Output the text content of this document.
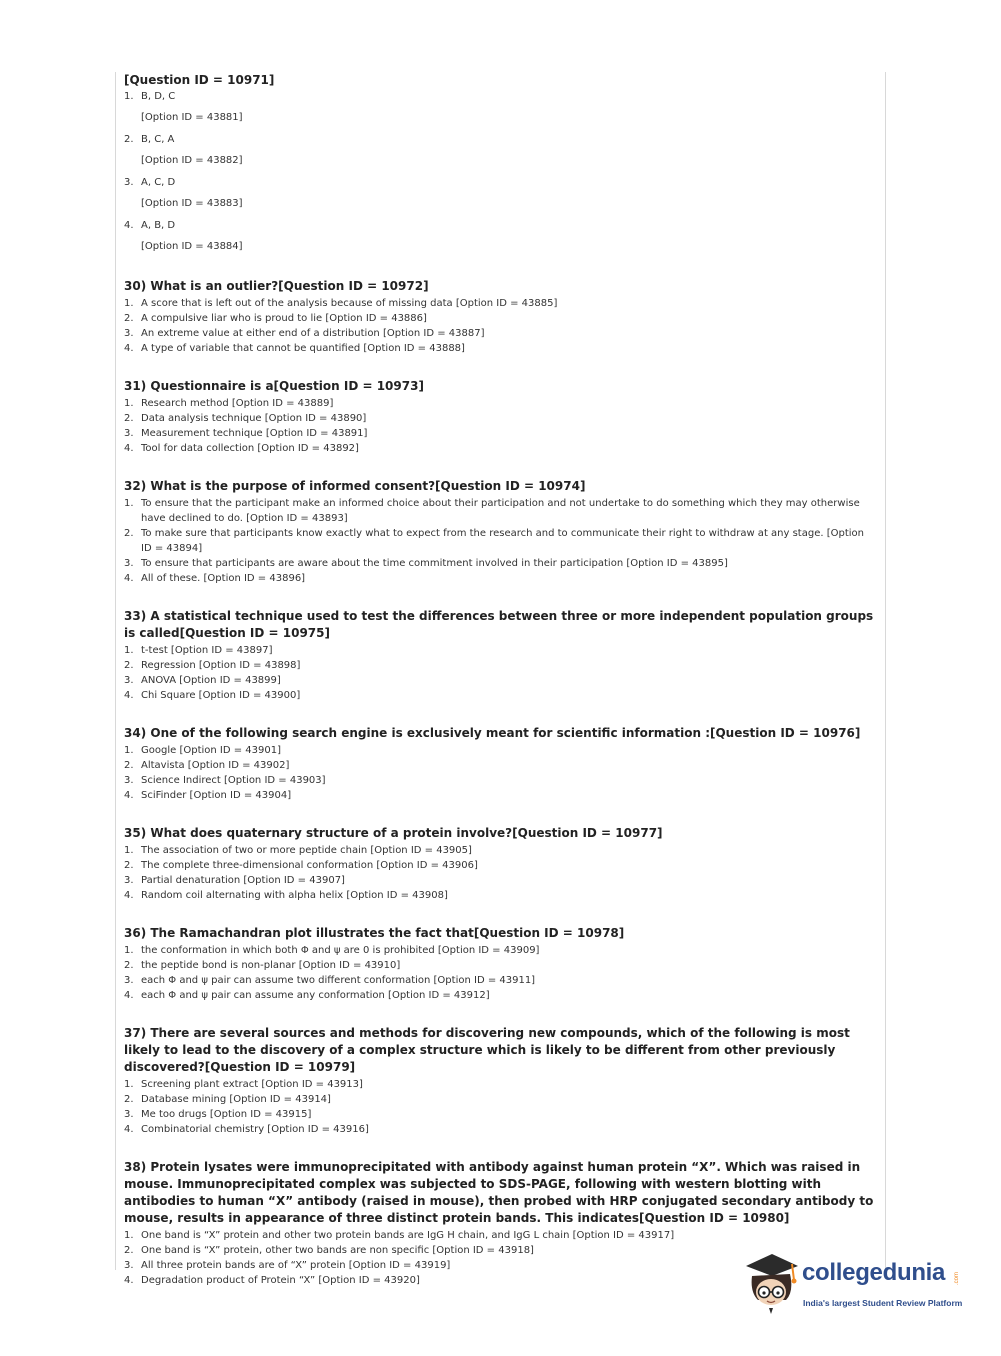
[Question ID = 10971]
1. B, D, C
[Option ID = 43881]
2. B, C, A
[Option ID = 43882]
3. A, C, D
[Option ID = 43883]
4. A, B, D
[Option ID = 43884]
30) What is an outlier?[Question ID = 10972]
1. A score that is left out of the analysis because of missing data [Option ID = 43885]
2. A compulsive liar who is proud to lie [Option ID = 43886]
3. An extreme value at either end of a distribution [Option ID = 43887]
4. A type of variable that cannot be quantified [Option ID = 43888]
31) Questionnaire is a[Question ID = 10973]
1. Research method [Option ID = 43889]
2. Data analysis technique [Option ID = 43890]
3. Measurement technique [Option ID = 43891]
4. Tool for data collection [Option ID = 43892]
32) What is the purpose of informed consent?[Question ID = 10974]
1. To ensure that the participant make an informed choice about their participation and not undertake to do something which they may otherwise have declined to do. [Option ID = 43893]
2. To make sure that participants know exactly what to expect from the research and to communicate their right to withdraw at any stage. [Option ID = 43894]
3. To ensure that participants are aware about the time commitment involved in their participation [Option ID = 43895]
4. All of these. [Option ID = 43896]
33) A statistical technique used to test the differences between three or more independent population groups is called[Question ID = 10975]
1. t-test [Option ID = 43897]
2. Regression [Option ID = 43898]
3. ANOVA [Option ID = 43899]
4. Chi Square [Option ID = 43900]
34) One of the following search engine is exclusively meant for scientific information :[Question ID = 10976]
1. Google [Option ID = 43901]
2. Altavista [Option ID = 43902]
3. Science Indirect [Option ID = 43903]
4. SciFinder [Option ID = 43904]
35) What does quaternary structure of a protein involve?[Question ID = 10977]
1. The association of two or more peptide chain [Option ID = 43905]
2. The complete three-dimensional conformation [Option ID = 43906]
3. Partial denaturation [Option ID = 43907]
4. Random coil alternating with alpha helix [Option ID = 43908]
36) The Ramachandran plot illustrates the fact that[Question ID = 10978]
1. the conformation in which both Φ and ψ are 0 is prohibited [Option ID = 43909]
2. the peptide bond is non-planar [Option ID = 43910]
3. each Φ and ψ pair can assume two different conformation [Option ID = 43911]
4. each Φ and ψ pair can assume any conformation [Option ID = 43912]
37) There are several sources and methods for discovering new compounds, which of the following is most likely to lead to the discovery of a complex structure which is likely to be different from other previously discovered?[Question ID = 10979]
1. Screening plant extract [Option ID = 43913]
2. Database mining [Option ID = 43914]
3. Me too drugs [Option ID = 43915]
4. Combinatorial chemistry [Option ID = 43916]
38) Protein lysates were immunoprecipitated with antibody against human protein “X”. Which was raised in mouse. Immunoprecipitated complex was subjected to SDS-PAGE, following with western blotting with antibodies to human “X” antibody (raised in mouse), then probed with HRP conjugated secondary antibody to mouse, results in appearance of three distinct protein bands. This indicates[Question ID = 10980]
1. One band is “X” protein and other two protein bands are IgG H chain, and IgG L chain [Option ID = 43917]
2. One band is “X” protein, other two bands are non specific [Option ID = 43918]
3. All three protein bands are of “X” protein [Option ID = 43919]
4. Degradation product of Protein “X” [Option ID = 43920]	collegedunia .com
India's largest Student Review Platform
